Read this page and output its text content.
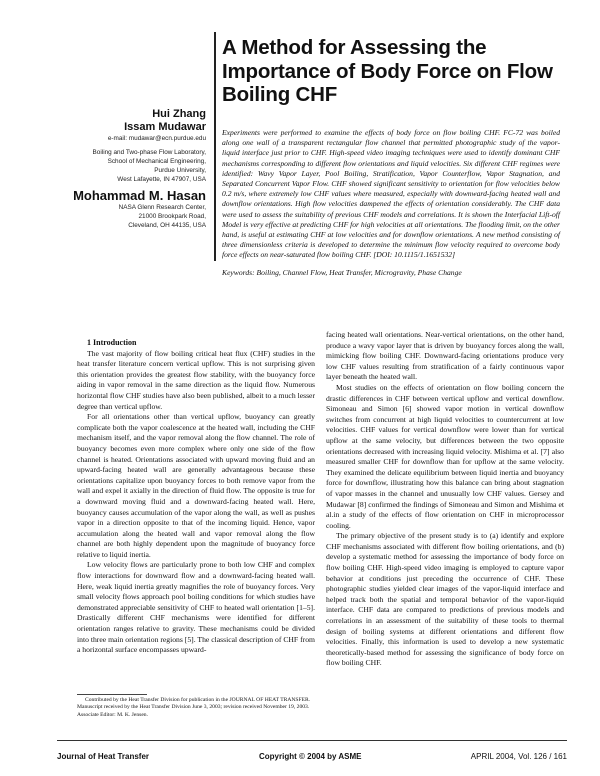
A Method for Assessing the Importance of Body Force on Flow Boiling CHF
Hui Zhang
Issam Mudawar
e-mail: mudawar@ecn.purdue.edu
Boiling and Two-phase Flow Laboratory,
School of Mechanical Engineering,
Purdue University,
West Lafayette, IN 47907, USA
Mohammad M. Hasan
NASA Glenn Research Center,
21000 Brookpark Road,
Cleveland, OH 44135, USA
Experiments were performed to examine the effects of body force on flow boiling CHF. FC-72 was boiled along one wall of a transparent rectangular flow channel that permitted photographic study of the vapor-liquid interface just prior to CHF. High-speed video imaging techniques were used to identify dominant CHF mechanisms corresponding to different flow orientations and liquid velocities. Six different CHF regimes were identified: Wavy Vapor Layer, Pool Boiling, Stratification, Vapor Counterflow, Vapor Stagnation, and Separated Concurrent Vapor Flow. CHF showed significant sensitivity to orientation for flow velocities below 0.2 m/s, where extremely low CHF values where measured, especially with downward-facing heated wall and downflow orientations. High flow velocities dampened the effects of orientation considerably. The CHF data were used to assess the suitability of previous CHF models and correlations. It is shown the Interfacial Lift-off Model is very effective at predicting CHF for high velocities at all orientations. The flooding limit, on the other hand, is useful at estimating CHF at low velocities and for downflow orientations. A new method consisting of three dimensionless criteria is developed to determine the minimum flow velocity required to overcome body force effects on near-saturated flow boiling CHF. [DOI: 10.1115/1.1651532]
Keywords: Boiling, Channel Flow, Heat Transfer, Microgravity, Phase Change

1 Introduction

The vast majority of flow boiling critical heat flux (CHF) studies in the heat transfer literature concern vertical upflow. This is not surprising given this orientation provides the greatest flow stability, with the buoyancy force aiding in vapor removal in the same direction as the liquid flow. Numerous horizontal flow CHF studies have also been published, albeit to a much lesser degree than vertical upflow.

For all orientations other than vertical upflow, buoyancy can greatly complicate both the vapor coalescence at the heated wall, including the CHF mechanism itself, and the vapor removal along the flow channel. The role of buoyancy becomes even more complex where only one side of the flow channel is heated. Orientations associated with upward moving fluid and an upward-facing heated wall are generally advantageous because these orientations capitalize upon buoyancy forces to both remove vapor from the wall and expel it axially in the direction of fluid flow. The opposite is true for a downward moving fluid and a downward-facing heated wall. Here, buoyancy causes accumulation of the vapor along the wall, as well as pushes vapor in a direction opposite to that of the incoming liquid. Hence, vapor accumulation along the heated wall and vapor removal along the flow channel are both highly dependent upon the magnitude of buoyancy force relative to liquid inertia.

Low velocity flows are particularly prone to both low CHF and complex flow interactions for downward flow and a downward-facing heated wall. Here, weak liquid inertia greatly magnifies the role of buoyancy forces. Very small velocity flows approach pool boiling conditions for which studies have demonstrated appreciable sensitivity of CHF to heated wall orientation [1–5]. Drastically different CHF mechanisms were identified for different orientation ranges relative to gravity. These mechanisms could be divided into three main orientation regions [5]. The classical description of CHF from a horizontal surface encompasses upward-

facing heated wall orientations. Near-vertical orientations, on the other hand, produce a wavy vapor layer that is driven by buoyancy forces along the wall, mimicking flow boiling CHF. Downward-facing orientations produce very low CHF values resulting from stratification of a fairly continuous vapor layer beneath the heated wall.

Most studies on the effects of orientation on flow boiling concern the drastic differences in CHF between vertical upflow and vertical downflow. Simoneau and Simon [6] showed vapor motion in vertical downflow switches from concurrent at high liquid velocities to countercurrent at low velocities. CHF values for vertical downflow were lower than for vertical upflow at the same velocity, but differences between the two opposite orientations decreased with increasing liquid velocity. Mishima et al. [7] also measured smaller CHF for downflow than for upflow at the same velocity. They examined the delicate equilibrium between liquid inertia and buoyancy force for downflow, illustrating how this balance can bring about stagnation of vapor masses in the channel and unusually low CHF values. Gersey and Mudawar [8] confirmed the findings of Simoneau and Simon and Mishima et al.in a study of the effects of flow orientation on CHF in microprocessor cooling.

The primary objective of the present study is to (a) identify and explore CHF mechanisms associated with different flow boiling orientations, and (b) develop a systematic method for assessing the importance of body force on flow boiling CHF. High-speed video imaging is employed to capture vapor behavior at conditions just preceding the occurrence of CHF. These photographic studies yielded clear images of the vapor-liquid interface and helped track both the spatial and temporal behavior of the vapor-liquid interface. CHF data are compared to predictions of previous models and correlations in an assessment of the suitability of these tools to thermal design of boiling systems at different orientations and different flow velocities. Finally, this information is used to develop a new systematic theoretically-based method for assessing the significance of body force on flow boiling CHF.

Contributed by the Heat Transfer Division for publication in the JOURNAL OF HEAT TRANSFER. Manuscript received by the Heat Transfer Division June 3, 2003; revision received November 19, 2003. Associate Editor: M. K. Jensen.
Journal of Heat Transfer	Copyright © 2004 by ASME	APRIL 2004, Vol. 126 / 161
